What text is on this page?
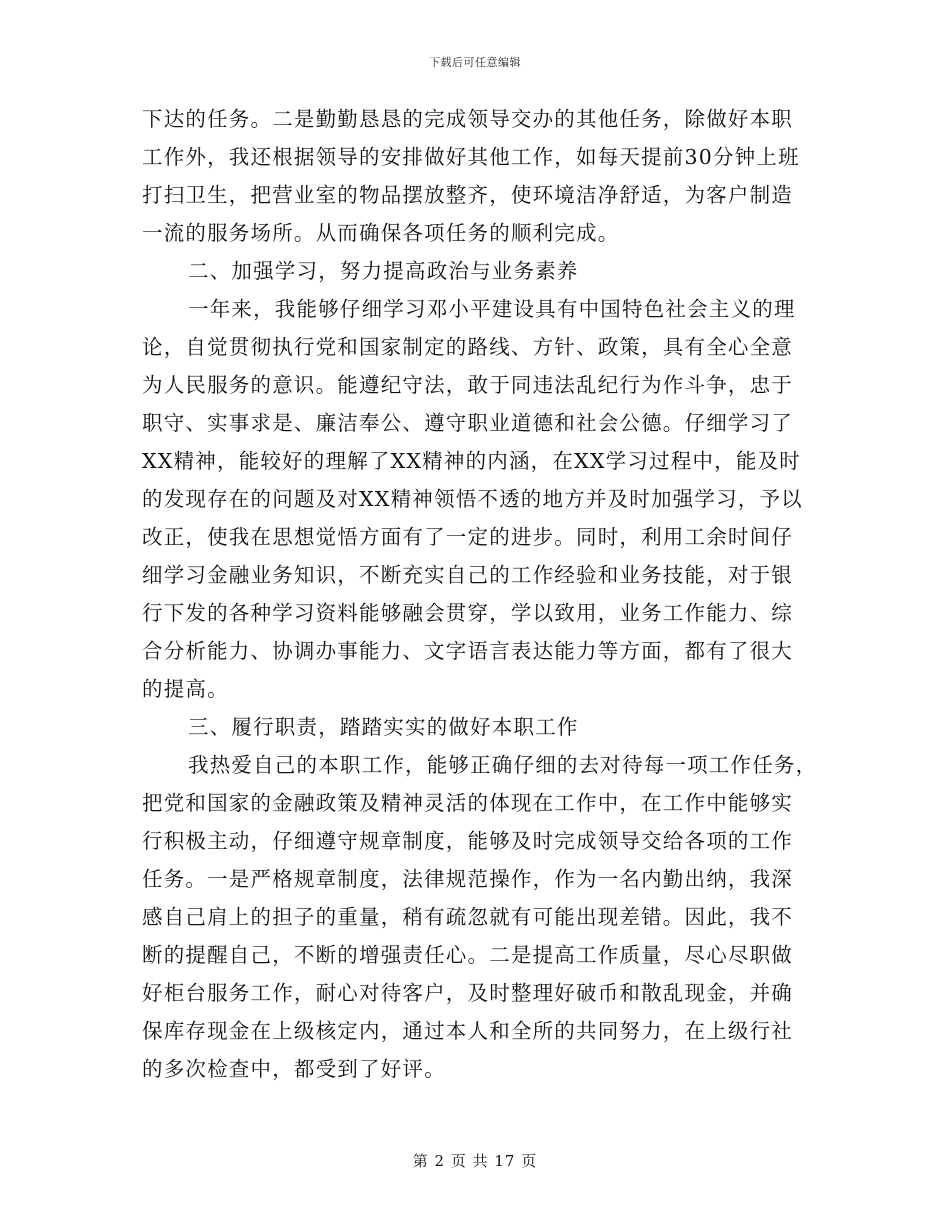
下载后可任意编辑
下达的任务。二是勤勤恳恳的完成领导交办的其他任务，除做好本职
工作外，我还根据领导的安排做好其他工作，如每天提前30分钟上班
打扫卫生，把营业室的物品摆放整齐，使环境洁净舒适，为客户制造
一流的服务场所。从而确保各项任务的顺利完成。
二、加强学习，努力提高政治与业务素养
一年来，我能够仔细学习邓小平建设具有中国特色社会主义的理
论，自觉贯彻执行党和国家制定的路线、方针、政策，具有全心全意
为人民服务的意识。能遵纪守法，敢于同违法乱纪行为作斗争，忠于
职守、实事求是、廉洁奉公、遵守职业道德和社会公德。仔细学习了
XX精神，能较好的理解了XX精神的内涵，在XX学习过程中，能及时
的发现存在的问题及对XX精神领悟不透的地方并及时加强学习，予以
改正，使我在思想觉悟方面有了一定的进步。同时，利用工余时间仔
细学习金融业务知识，不断充实自己的工作经验和业务技能，对于银
行下发的各种学习资料能够融会贯穿，学以致用，业务工作能力、综
合分析能力、协调办事能力、文字语言表达能力等方面，都有了很大
的提高。
三、履行职责，踏踏实实的做好本职工作
我热爱自己的本职工作，能够正确仔细的去对待每一项工作任务，
把党和国家的金融政策及精神灵活的体现在工作中，在工作中能够实
行积极主动，仔细遵守规章制度，能够及时完成领导交给各项的工作
任务。一是严格规章制度，法律规范操作，作为一名内勤出纳，我深
感自己肩上的担子的重量，稍有疏忽就有可能出现差错。因此，我不
断的提醒自己，不断的增强责任心。二是提高工作质量，尽心尽职做
好柜台服务工作，耐心对待客户，及时整理好破币和散乱现金，并确
保库存现金在上级核定内，通过本人和全所的共同努力，在上级行社
的多次检查中，都受到了好评。
第 2 页 共 17 页
